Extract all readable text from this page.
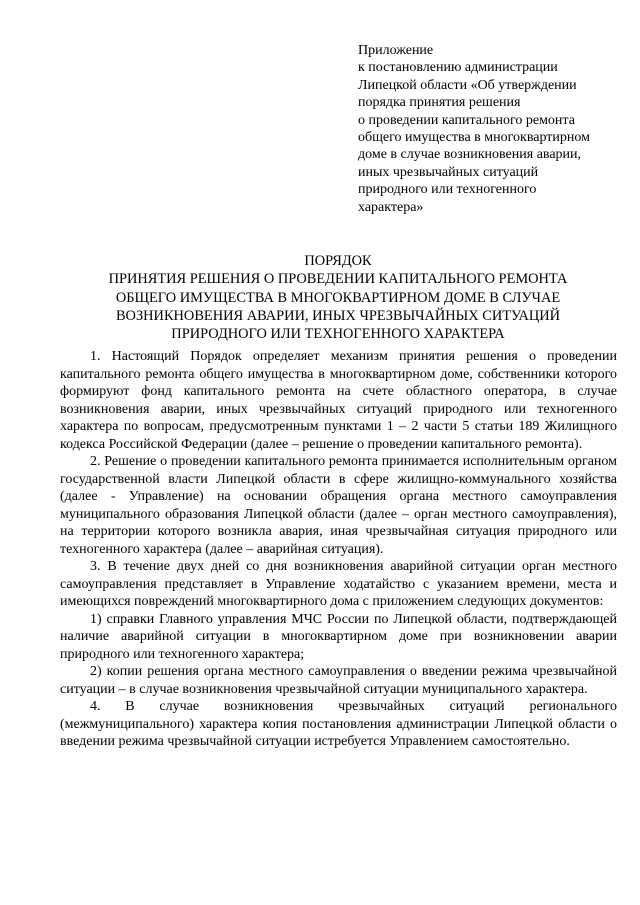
Приложение
к постановлению администрации
Липецкой области «Об утверждении
порядка принятия решения
о проведении капитального ремонта
общего имущества в многоквартирном
доме в случае возникновения аварии,
иных чрезвычайных ситуаций
природного или техногенного
характера»
ПОРЯДОК
ПРИНЯТИЯ РЕШЕНИЯ О ПРОВЕДЕНИИ КАПИТАЛЬНОГО РЕМОНТА
ОБЩЕГО ИМУЩЕСТВА В МНОГОКВАРТИРНОМ ДОМЕ В СЛУЧАЕ
ВОЗНИКНОВЕНИЯ АВАРИИ, ИНЫХ ЧРЕЗВЫЧАЙНЫХ СИТУАЦИЙ
ПРИРОДНОГО ИЛИ ТЕХНОГЕННОГО ХАРАКТЕРА

1. Настоящий Порядок определяет механизм принятия решения о проведении капитального ремонта общего имущества в многоквартирном доме, собственники которого формируют фонд капитального ремонта на счете областного оператора, в случае возникновения аварии, иных чрезвычайных ситуаций природного или техногенного характера по вопросам, предусмотренным пунктами 1 – 2 части 5 статьи 189 Жилищного кодекса Российской Федерации (далее – решение о проведении капитального ремонта).

2. Решение о проведении капитального ремонта принимается исполнительным органом государственной власти Липецкой области в сфере жилищно-коммунального хозяйства (далее - Управление) на основании обращения органа местного самоуправления муниципального образования Липецкой области (далее – орган местного самоуправления), на территории которого возникла авария, иная чрезвычайная ситуация природного или техногенного характера (далее – аварийная ситуация).

3. В течение двух дней со дня возникновения аварийной ситуации орган местного самоуправления представляет в Управление ходатайство с указанием времени, места и имеющихся повреждений многоквартирного дома с приложением следующих документов:

1) справки Главного управления МЧС России по Липецкой области, подтверждающей наличие аварийной ситуации в многоквартирном доме при возникновении аварии природного или техногенного характера;

2) копии решения органа местного самоуправления о введении режима чрезвычайной ситуации – в случае возникновения чрезвычайной ситуации муниципального характера.

4. В случае возникновения чрезвычайных ситуаций регионального (межмуниципального) характера копия постановления администрации Липецкой области о введении режима чрезвычайной ситуации истребуется Управлением самостоятельно.
